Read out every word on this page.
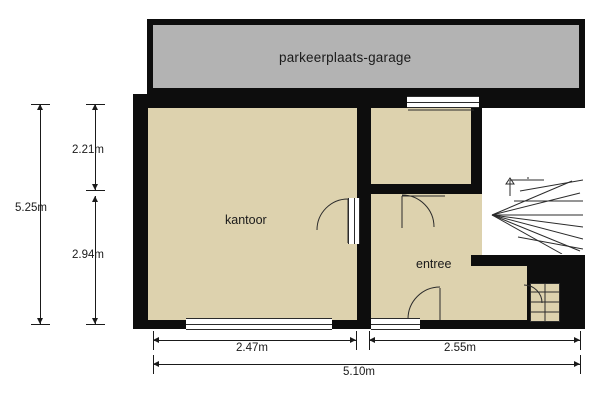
parkeerplaats-garage
kantoor
entree
5.25m
2.21m
2.94m
2.47m	2.55m
5.10m
